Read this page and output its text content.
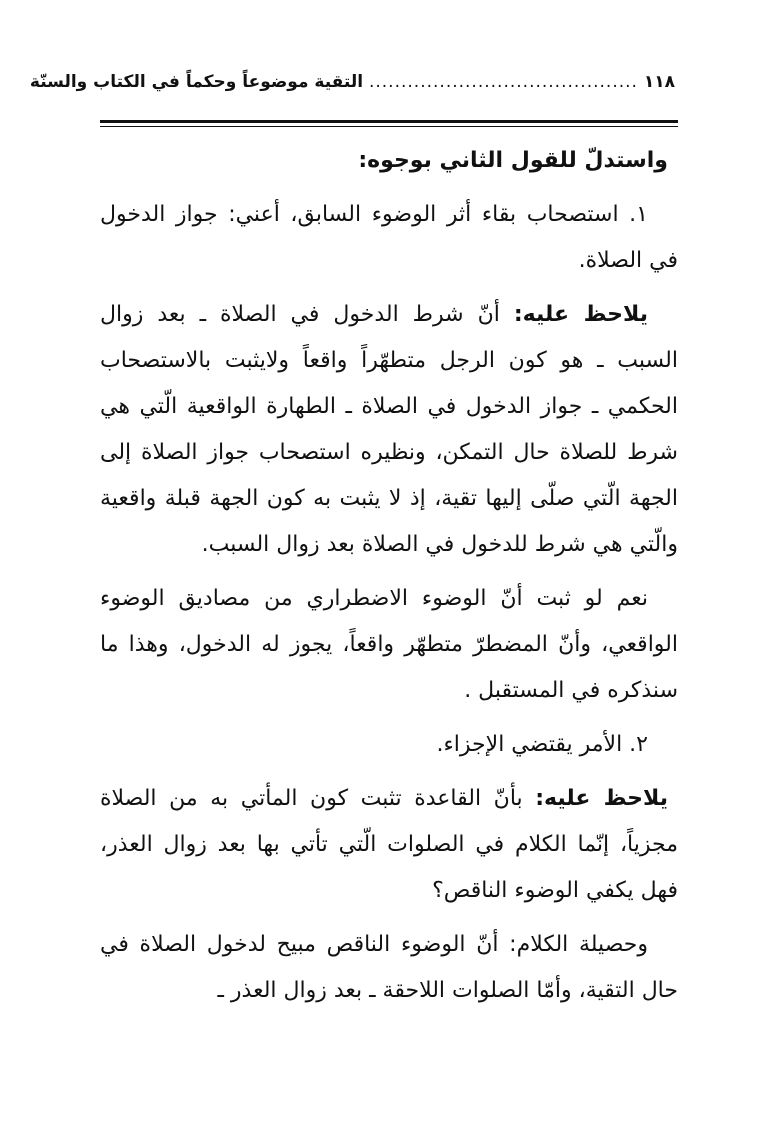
١١٨ .......................................... التقية موضوعاً وحكماً في الكتاب والسنّة

واستدلّ للقول الثاني بوجوه:

١. استصحاب بقاء أثر الوضوء السابق، أعني: جواز الدخول في الصلاة.

يلاحظ عليه: أنّ شرط الدخول في الصلاة ـ بعد زوال السبب ـ هو كون الرجل متطهّراً واقعاً ولايثبت بالاستصحاب الحكمي ـ جواز الدخول في الصلاة ـ الطهارة الواقعية الّتي هي شرط للصلاة حال التمكن، ونظيره استصحاب جواز الصلاة إلى الجهة الّتي صلّى إليها تقية، إذ لا يثبت به كون الجهة قبلة واقعية والّتي هي شرط للدخول في الصلاة بعد زوال السبب.

نعم لو ثبت أنّ الوضوء الاضطراري من مصاديق الوضوء الواقعي، وأنّ المضطرّ متطهّر واقعاً، يجوز له الدخول، وهذا ما سنذكره في المستقبل .

٢. الأمر يقتضي الإجزاء.

يلاحظ عليه: بأنّ القاعدة تثبت كون المأتي به من الصلاة مجزياً، إنّما الكلام في الصلوات الّتي تأتي بها بعد زوال العذر، فهل يكفي الوضوء الناقص؟

وحصيلة الكلام: أنّ الوضوء الناقص مبيح لدخول الصلاة في حال التقية، وأمّا الصلوات اللاحقة ـ بعد زوال العذر ـ
